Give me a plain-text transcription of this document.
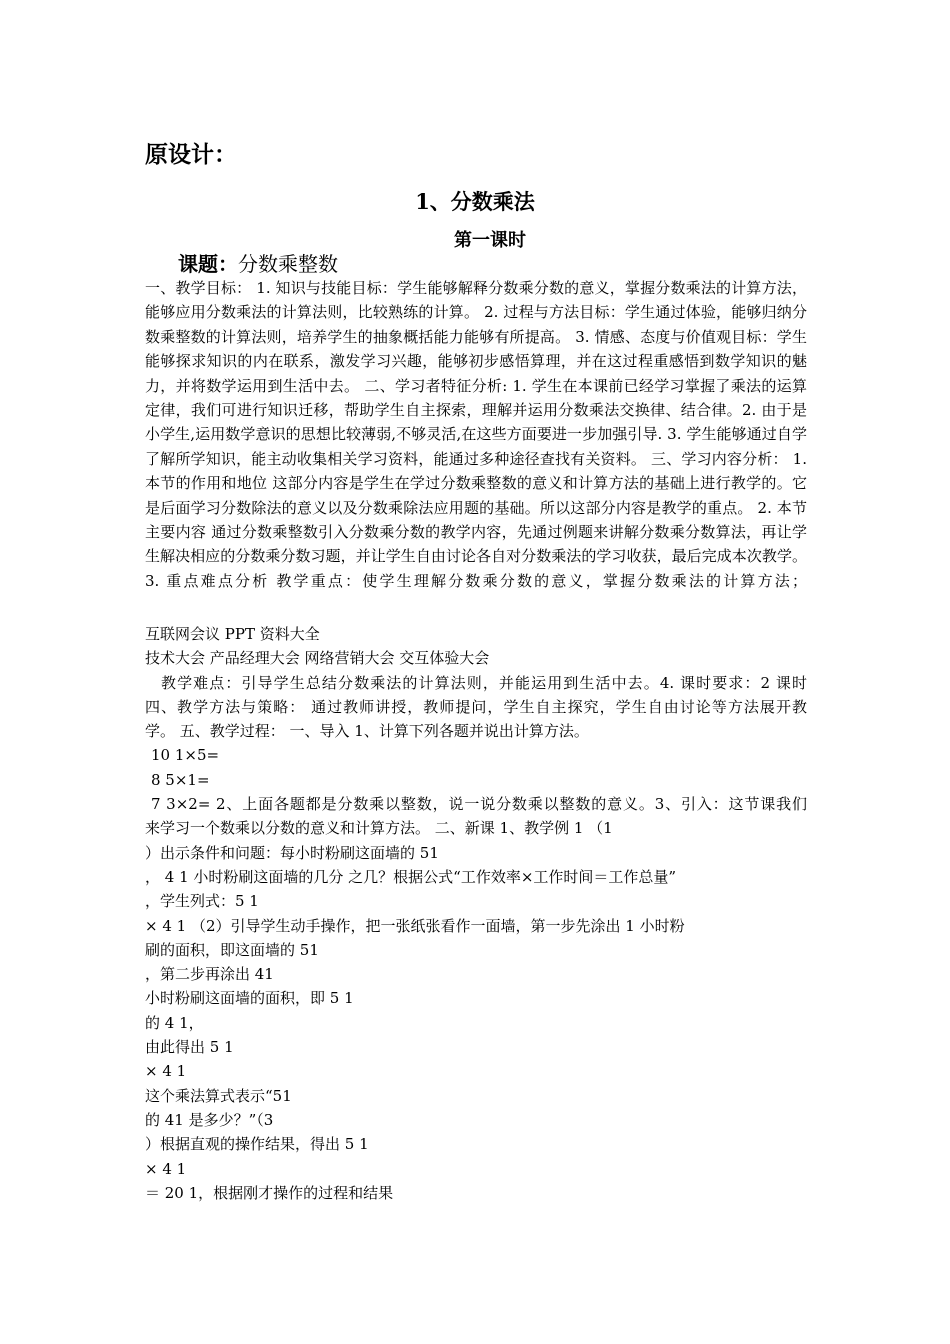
原设计：
1、分数乘法
第一课时
课题：分数乘整数

一、教学目标： 1. 知识与技能目标：学生能够解释分数乘分数的意义，掌握分数乘法的计算方法，能够应用分数乘法的计算法则，比较熟练的计算。 2. 过程与方法目标：学生通过体验，能够归纳分数乘整数的计算法则，培养学生的抽象概括能力能够有所提高。 3. 情感、态度与价值观目标：学生能够探求知识的内在联系，激发学习兴趣，能够初步感悟算理，并在这过程重感悟到数学知识的魅力，并将数学运用到生活中去。 二、学习者特征分析: 1. 学生在本课前已经学习掌握了乘法的运算定律，我们可进行知识迁移，帮助学生自主探索，理解并运用分数乘法交换律、结合律。2. 由于是小学生,运用数学意识的思想比较薄弱,不够灵活,在这些方面要进一步加强引导. 3. 学生能够通过自学了解所学知识，能主动收集相关学习资料，能通过多种途径查找有关资料。 三、学习内容分析： 1. 本节的作用和地位 这部分内容是学生在学过分数乘整数的意义和计算方法的基础上进行教学的。它是后面学习分数除法的意义以及分数乘除法应用题的基础。所以这部分内容是教学的重点。 2. 本节主要内容 通过分数乘整数引入分数乘分数的教学内容，先通过例题来讲解分数乘分数算法，再让学生解决相应的分数乘分数习题，并让学生自由讨论各自对分数乘法的学习收获，最后完成本次教学。3. 重点难点分析 教学重点：使学生理解分数乘分数的意义，掌握分数乘法的计算方法；

互联网会议 PPT 资料大全
技术大会 产品经理大会 网络营销大会 交互体验大会
教学难点：引导学生总结分数乘法的计算法则，并能运用到生活中去。4. 课时要求：2 课时
四、教学方法与策略： 通过教师讲授，教师提问，学生自主探究，学生自由讨论等方法展开教
学。 五、教学过程： 一、导入 1、计算下列各题并说出计算方法。
10 1×5=
8 5×1=
7 3×2= 2、上面各题都是分数乘以整数，说一说分数乘以整数的意义。3、引入：这节课我们
来学习一个数乘以分数的意义和计算方法。 二、新课 1、教学例 1 （1
）出示条件和问题：每小时粉刷这面墙的 51
， 4 1 小时粉刷这面墙的几分 之几？根据公式“工作效率×工作时间＝工作总量”
，学生列式：5 1
× 4 1 （2）引导学生动手操作，把一张纸张看作一面墙，第一步先涂出 1 小时粉
刷的面积，即这面墙的 51
，第二步再涂出 41
小时粉刷这面墙的面积，即 5 1
的 4 1，
由此得出 5 1
× 4 1
这个乘法算式表示“51
的 41 是多少？”（3
）根据直观的操作结果，得出 5 1
× 4 1
＝ 20 1，根据刚才操作的过程和结果
